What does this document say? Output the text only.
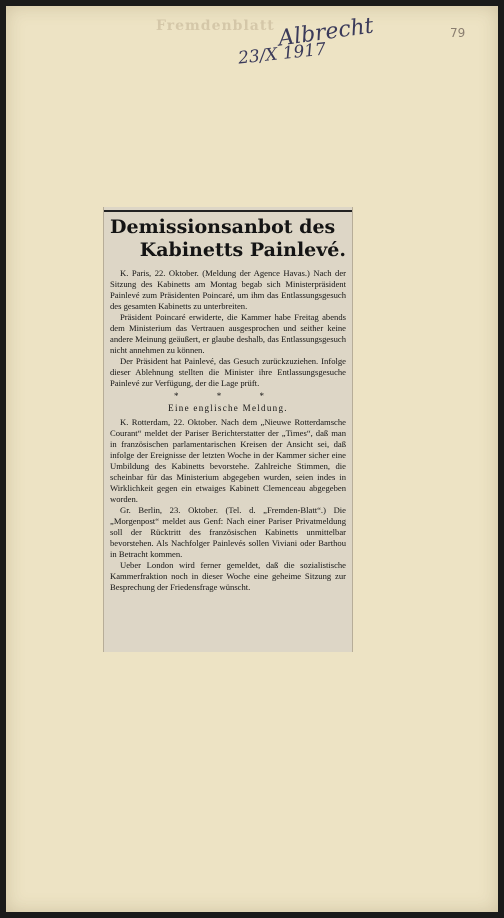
Fremdenblatt Albrecht
23/X 1917
79
Demissionsanbot des
Kabinetts Painlevé.

K. Paris, 22. Oktober. (Meldung der Agence Havas.) Nach der Sitzung des Kabinetts am Montag begab sich Ministerpräsident Painlevé zum Präsidenten Poincaré, um ihm das Entlassungsgesuch des gesamten Kabinetts zu unterbreiten.

Präsident Poincaré erwiderte, die Kammer habe Freitag abends dem Ministerium das Vertrauen ausgesprochen und seither keine andere Meinung geäußert, er glaube deshalb, das Entlassungsgesuch nicht annehmen zu können.

Der Präsident hat Painlevé, das Gesuch zurückzuziehen. Infolge dieser Ablehnung stellten die Minister ihre Entlassungsgesuche Painlevé zur Verfügung, der die Lage prüft.

* * *
Eine englische Meldung.

K. Rotterdam, 22. Oktober. Nach dem „Nieuwe Rotterdamsche Courant“ meldet der Pariser Berichterstatter der „Times“, daß man in französischen parlamentarischen Kreisen der Ansicht sei, daß infolge der Ereignisse der letzten Woche in der Kammer sicher eine Umbildung des Kabinetts bevorstehe. Zahlreiche Stimmen, die scheinbar für das Ministerium abgegeben wurden, seien indes in Wirklichkeit gegen ein etwaiges Kabinett Clemenceau abgegeben worden.

Gr. Berlin, 23. Oktober. (Tel. d. „Fremden-Blatt“.) Die „Morgenpost“ meldet aus Genf: Nach einer Pariser Privatmeldung soll der Rücktritt des französischen Kabinetts unmittelbar bevorstehen. Als Nachfolger Painlevés sollen Viviani oder Barthou in Betracht kommen.

Ueber London wird ferner gemeldet, daß die sozialistische Kammerfraktion noch in dieser Woche eine geheime Sitzung zur Besprechung der Friedensfrage wünscht.
